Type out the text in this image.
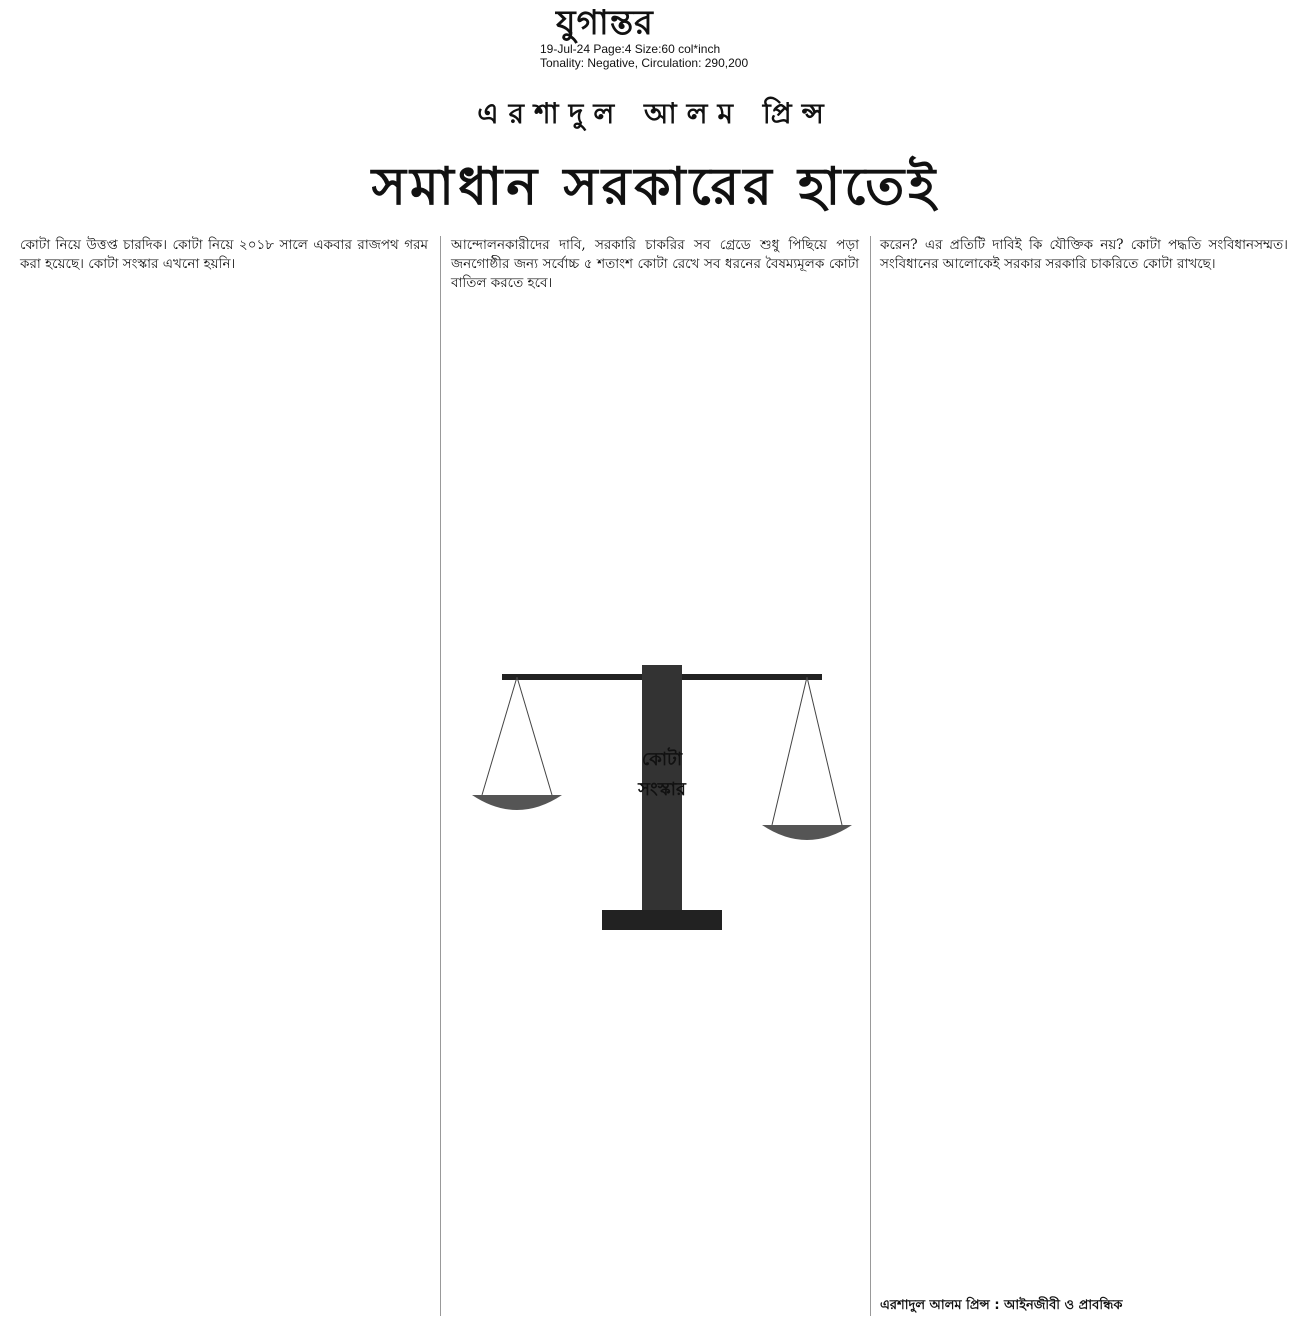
যুগান্তর
19-Jul-24 Page:4 Size:60 col*inch
Tonality: Negative, Circulation: 290,200
এরশাদুল আলম প্রিন্স
সমাধান সরকারের হাতেই

কোটা নিয়ে উত্তপ্ত চারদিক। কোটা নিয়ে ২০১৮ সালে একবার রাজপথ গরম করা হয়েছে। কোটা সংস্কার এখনো হয়নি।

আন্দোলনকারীদের দাবি, সরকারি চাকরির সব গ্রেডে শুধু পিছিয়ে পড়া জনগোষ্ঠীর জন্য সর্বোচ্চ ৫ শতাংশ কোটা রেখে সব ধরনের বৈষম্যমূলক কোটা বাতিল করতে হবে।

করেন? এর প্রতিটি দাবিই কি যৌক্তিক নয়? কোটা পদ্ধতি সংবিধানসম্মত। সংবিধানের আলোকেই সরকার সরকারি চাকরিতে কোটা রাখছে।

কোটা
সংস্কার
এরশাদুল আলম প্রিন্স : আইনজীবী ও প্রাবন্ধিক
